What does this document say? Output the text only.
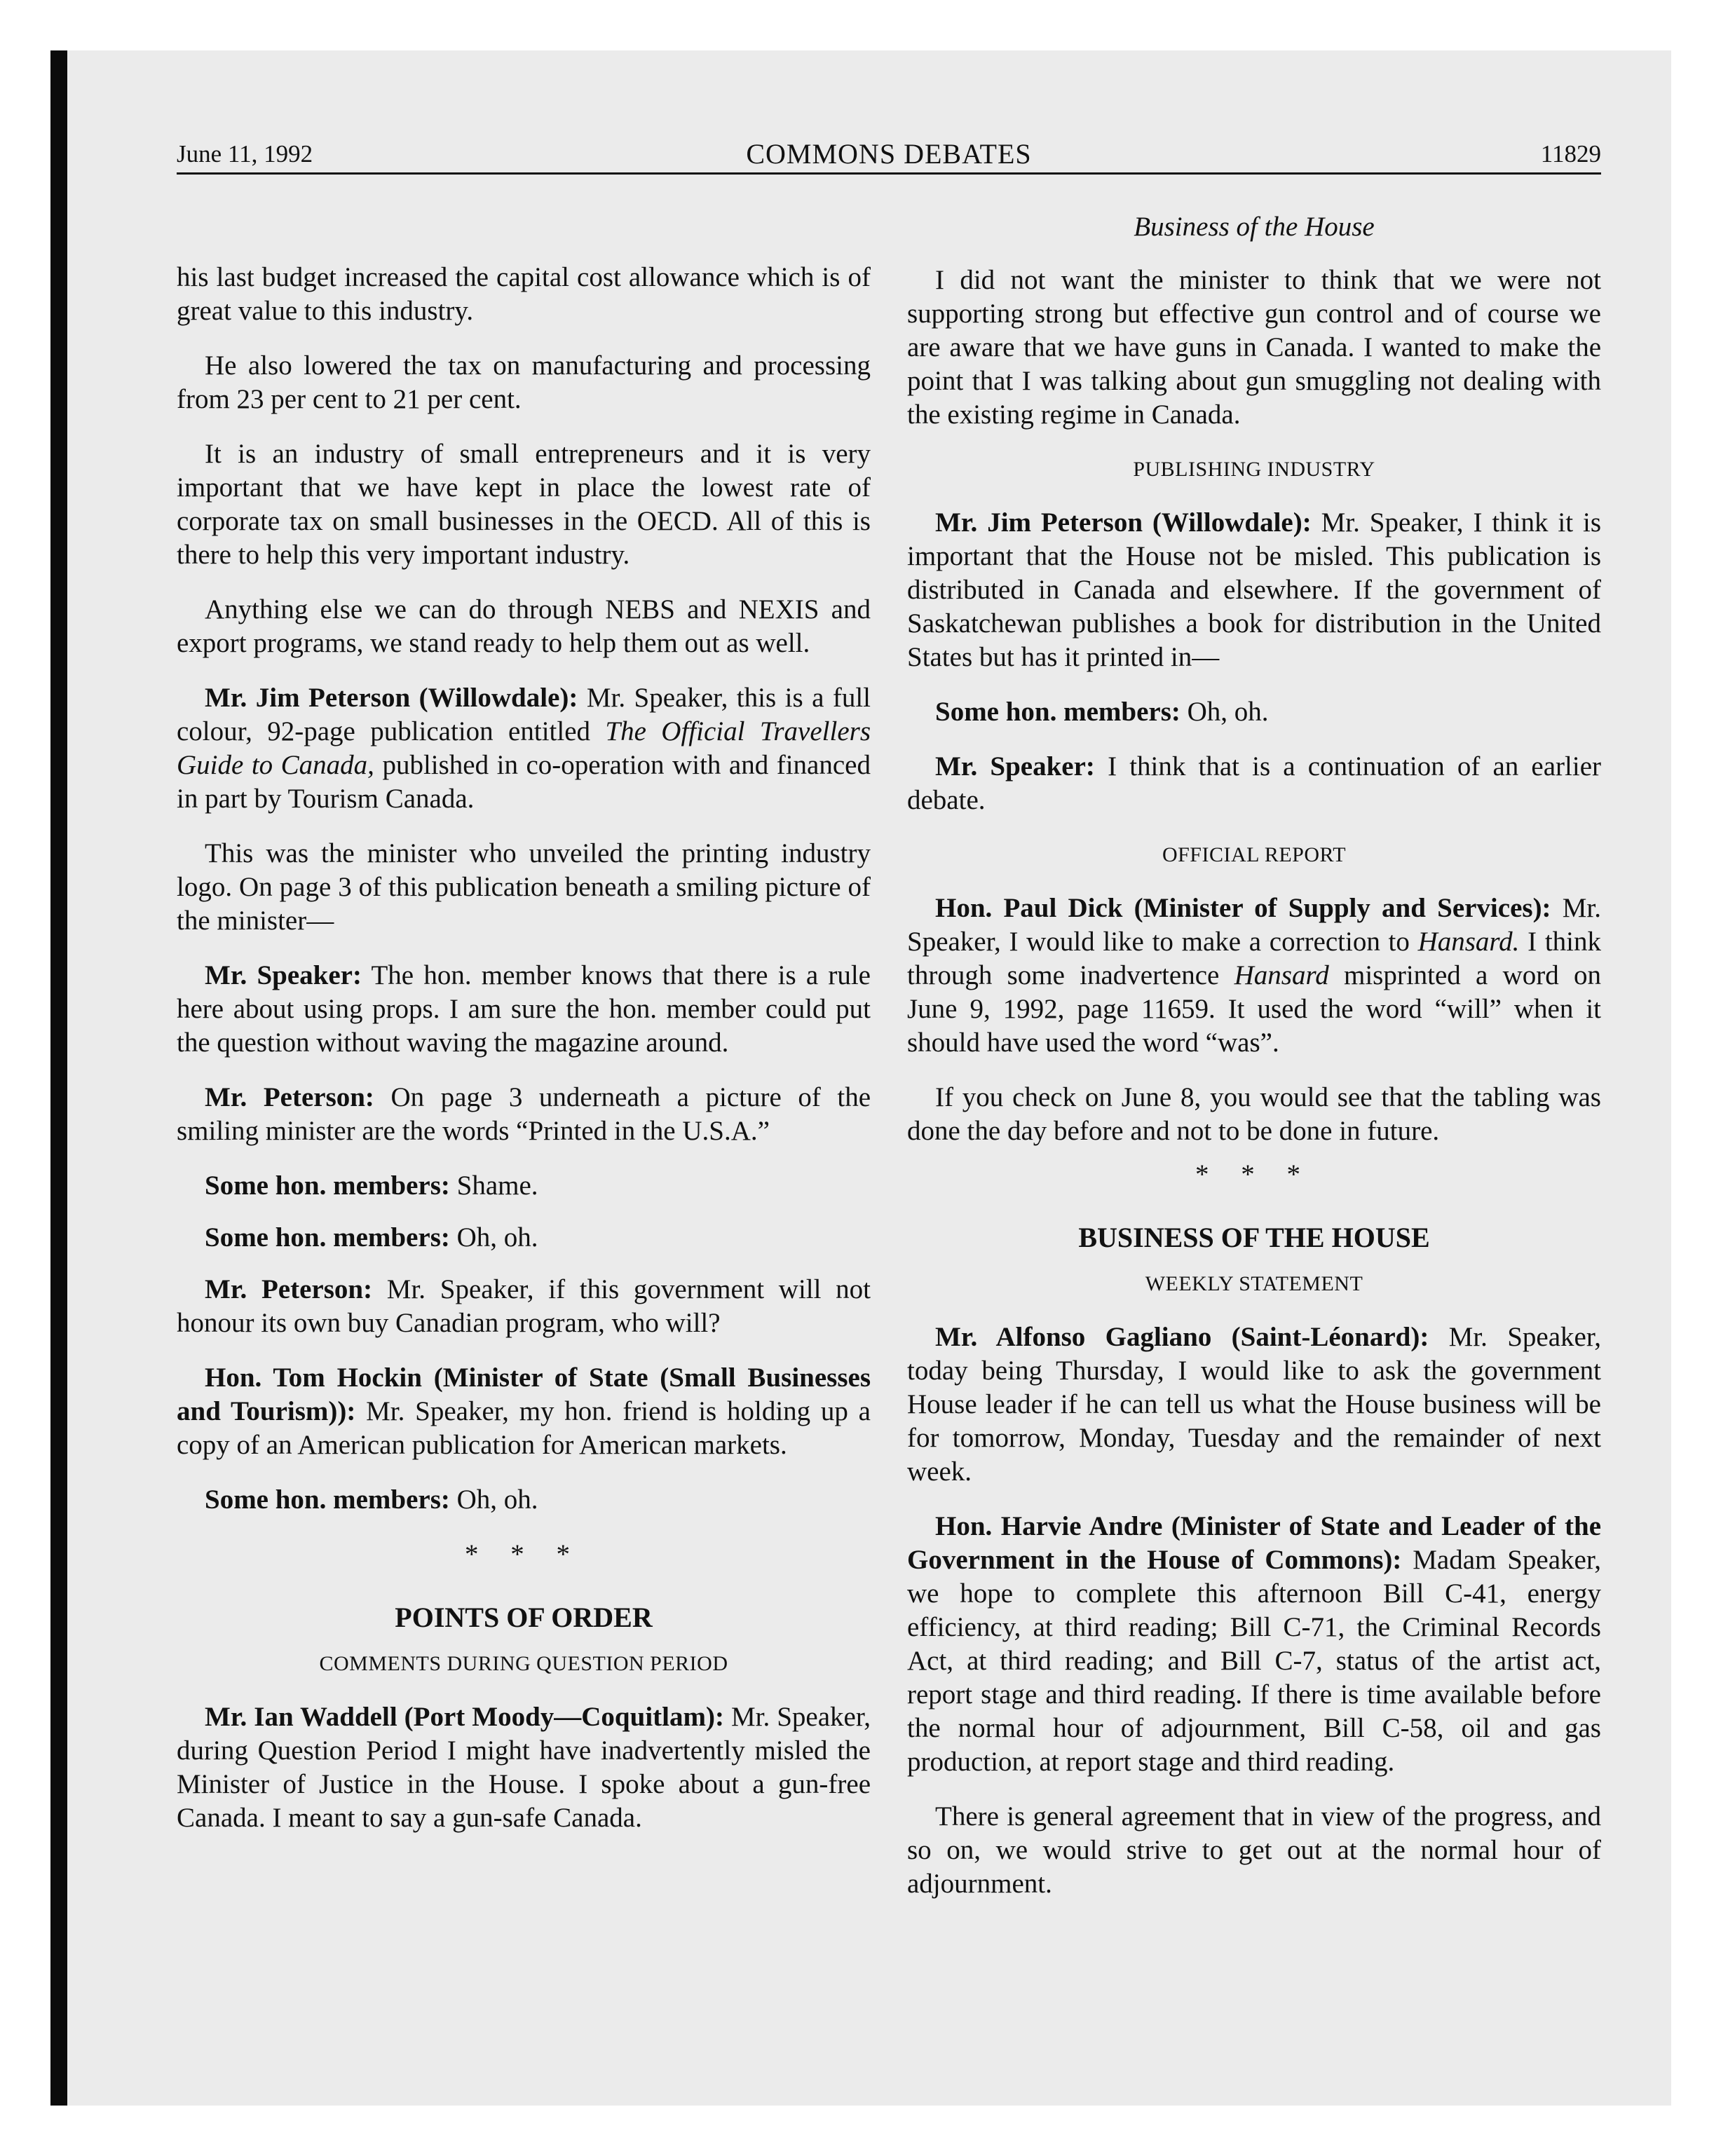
June 11, 1992	COMMONS DEBATES	11829

his last budget increased the capital cost allowance which is of great value to this industry.

He also lowered the tax on manufacturing and processing from 23 per cent to 21 per cent.

It is an industry of small entrepreneurs and it is very important that we have kept in place the lowest rate of corporate tax on small businesses in the OECD. All of this is there to help this very important industry.

Anything else we can do through NEBS and NEXIS and export programs, we stand ready to help them out as well.

Mr. Jim Peterson (Willowdale): Mr. Speaker, this is a full colour, 92-page publication entitled The Official Travellers Guide to Canada, published in co-operation with and financed in part by Tourism Canada.

This was the minister who unveiled the printing industry logo. On page 3 of this publication beneath a smiling picture of the minister—

Mr. Speaker: The hon. member knows that there is a rule here about using props. I am sure the hon. member could put the question without waving the magazine around.

Mr. Peterson: On page 3 underneath a picture of the smiling minister are the words “Printed in the U.S.A.”

Some hon. members: Shame.

Some hon. members: Oh, oh.

Mr. Peterson: Mr. Speaker, if this government will not honour its own buy Canadian program, who will?

Hon. Tom Hockin (Minister of State (Small Businesses and Tourism)): Mr. Speaker, my hon. friend is holding up a copy of an American publication for American markets.

Some hon. members: Oh, oh.

* * *
POINTS OF ORDER
COMMENTS DURING QUESTION PERIOD

Mr. Ian Waddell (Port Moody—Coquitlam): Mr. Speaker, during Question Period I might have inadvertently misled the Minister of Justice in the House. I spoke about a gun-free Canada. I meant to say a gun-safe Canada.

Business of the House

I did not want the minister to think that we were not supporting strong but effective gun control and of course we are aware that we have guns in Canada. I wanted to make the point that I was talking about gun smuggling not dealing with the existing regime in Canada.

PUBLISHING INDUSTRY

Mr. Jim Peterson (Willowdale): Mr. Speaker, I think it is important that the House not be misled. This publication is distributed in Canada and elsewhere. If the government of Saskatchewan publishes a book for distribution in the United States but has it printed in—

Some hon. members: Oh, oh.

Mr. Speaker: I think that is a continuation of an earlier debate.

OFFICIAL REPORT

Hon. Paul Dick (Minister of Supply and Services): Mr. Speaker, I would like to make a correction to Hansard. I think through some inadvertence Hansard misprinted a word on June 9, 1992, page 11659. It used the word “will” when it should have used the word “was”.

If you check on June 8, you would see that the tabling was done the day before and not to be done in future.

* * *
BUSINESS OF THE HOUSE
WEEKLY STATEMENT

Mr. Alfonso Gagliano (Saint-Léonard): Mr. Speaker, today being Thursday, I would like to ask the government House leader if he can tell us what the House business will be for tomorrow, Monday, Tuesday and the remainder of next week.

Hon. Harvie Andre (Minister of State and Leader of the Government in the House of Commons): Madam Speaker, we hope to complete this afternoon Bill C-41, energy efficiency, at third reading; Bill C-71, the Criminal Records Act, at third reading; and Bill C-7, status of the artist act, report stage and third reading. If there is time available before the normal hour of adjournment, Bill C-58, oil and gas production, at report stage and third reading.

There is general agreement that in view of the progress, and so on, we would strive to get out at the normal hour of adjournment.
